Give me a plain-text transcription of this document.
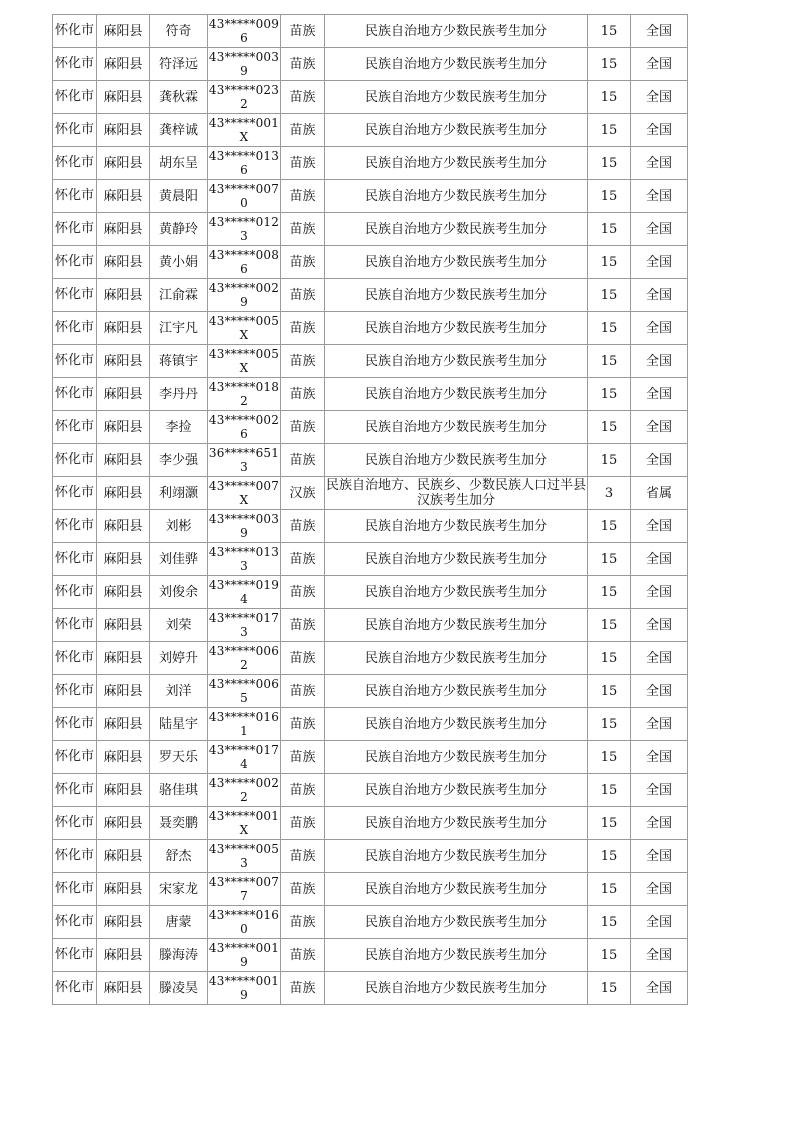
怀化市	麻阳县	符奇	43*****0096	苗族	民族自治地方少数民族考生加分	15	全国
怀化市	麻阳县	符泽远	43*****0039	苗族	民族自治地方少数民族考生加分	15	全国
怀化市	麻阳县	龚秋霖	43*****0232	苗族	民族自治地方少数民族考生加分	15	全国
怀化市	麻阳县	龚梓诚	43*****001X	苗族	民族自治地方少数民族考生加分	15	全国
怀化市	麻阳县	胡东呈	43*****0136	苗族	民族自治地方少数民族考生加分	15	全国
怀化市	麻阳县	黄晨阳	43*****0070	苗族	民族自治地方少数民族考生加分	15	全国
怀化市	麻阳县	黄静玲	43*****0123	苗族	民族自治地方少数民族考生加分	15	全国
怀化市	麻阳县	黄小娟	43*****0086	苗族	民族自治地方少数民族考生加分	15	全国
怀化市	麻阳县	江俞霖	43*****0029	苗族	民族自治地方少数民族考生加分	15	全国
怀化市	麻阳县	江宇凡	43*****005X	苗族	民族自治地方少数民族考生加分	15	全国
怀化市	麻阳县	蒋镇宇	43*****005X	苗族	民族自治地方少数民族考生加分	15	全国
怀化市	麻阳县	李丹丹	43*****0182	苗族	民族自治地方少数民族考生加分	15	全国
怀化市	麻阳县	李捡	43*****0026	苗族	民族自治地方少数民族考生加分	15	全国
怀化市	麻阳县	李少强	36*****6513	苗族	民族自治地方少数民族考生加分	15	全国
怀化市	麻阳县	利翊灏	43*****007X	汉族	民族自治地方、民族乡、少数民族人口过半县汉族考生加分	3	省属
怀化市	麻阳县	刘彬	43*****0039	苗族	民族自治地方少数民族考生加分	15	全国
怀化市	麻阳县	刘佳骅	43*****0133	苗族	民族自治地方少数民族考生加分	15	全国
怀化市	麻阳县	刘俊余	43*****0194	苗族	民族自治地方少数民族考生加分	15	全国
怀化市	麻阳县	刘荣	43*****0173	苗族	民族自治地方少数民族考生加分	15	全国
怀化市	麻阳县	刘婷升	43*****0062	苗族	民族自治地方少数民族考生加分	15	全国
怀化市	麻阳县	刘洋	43*****0065	苗族	民族自治地方少数民族考生加分	15	全国
怀化市	麻阳县	陆星宇	43*****0161	苗族	民族自治地方少数民族考生加分	15	全国
怀化市	麻阳县	罗天乐	43*****0174	苗族	民族自治地方少数民族考生加分	15	全国
怀化市	麻阳县	骆佳琪	43*****0022	苗族	民族自治地方少数民族考生加分	15	全国
怀化市	麻阳县	聂奕鹏	43*****001X	苗族	民族自治地方少数民族考生加分	15	全国
怀化市	麻阳县	舒杰	43*****0053	苗族	民族自治地方少数民族考生加分	15	全国
怀化市	麻阳县	宋家龙	43*****0077	苗族	民族自治地方少数民族考生加分	15	全国
怀化市	麻阳县	唐蒙	43*****0160	苗族	民族自治地方少数民族考生加分	15	全国
怀化市	麻阳县	滕海涛	43*****0019	苗族	民族自治地方少数民族考生加分	15	全国
怀化市	麻阳县	滕凌昊	43*****0019	苗族	民族自治地方少数民族考生加分	15	全国
